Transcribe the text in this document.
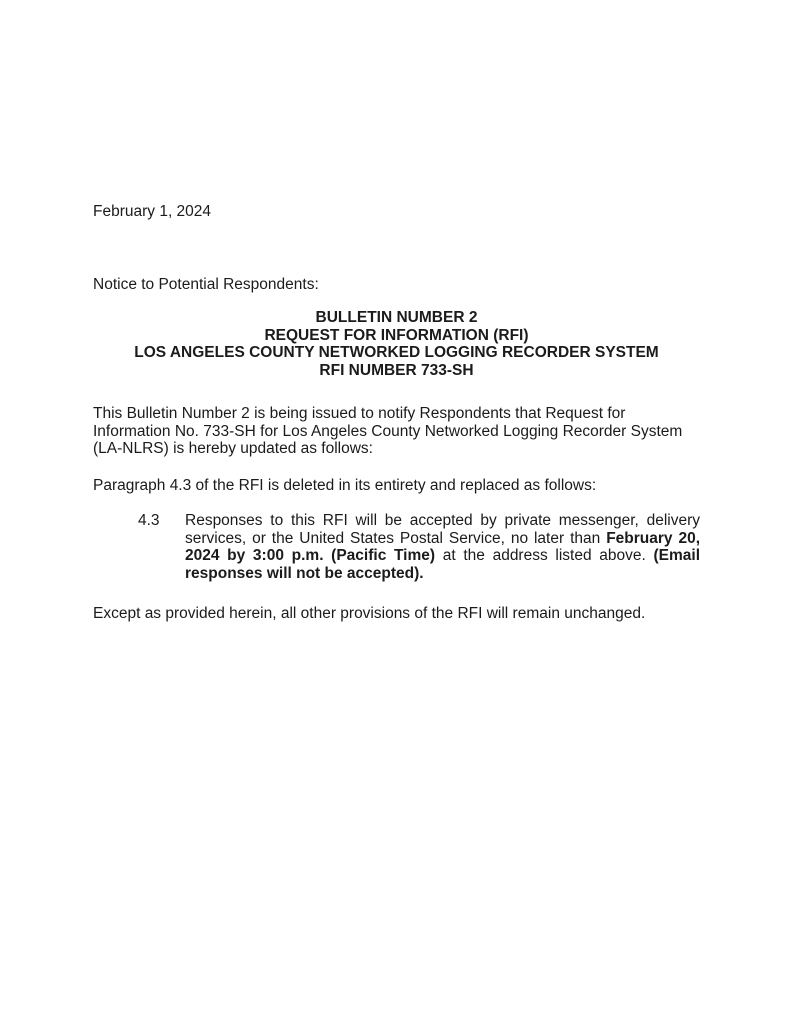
February 1, 2024
Notice to Potential Respondents:
BULLETIN NUMBER 2
REQUEST FOR INFORMATION (RFI)
LOS ANGELES COUNTY NETWORKED LOGGING RECORDER SYSTEM
RFI NUMBER 733-SH

This Bulletin Number 2 is being issued to notify Respondents that Request for Information No. 733-SH for Los Angeles County Networked Logging Recorder System (LA-NLRS) is hereby updated as follows:

Paragraph 4.3 of the RFI is deleted in its entirety and replaced as follows:

4.3	Responses to this RFI will be accepted by private messenger, delivery services, or the United States Postal Service, no later than February 20, 2024 by 3:00 p.m. (Pacific Time) at the address listed above. (Email responses will not be accepted).

Except as provided herein, all other provisions of the RFI will remain unchanged.
